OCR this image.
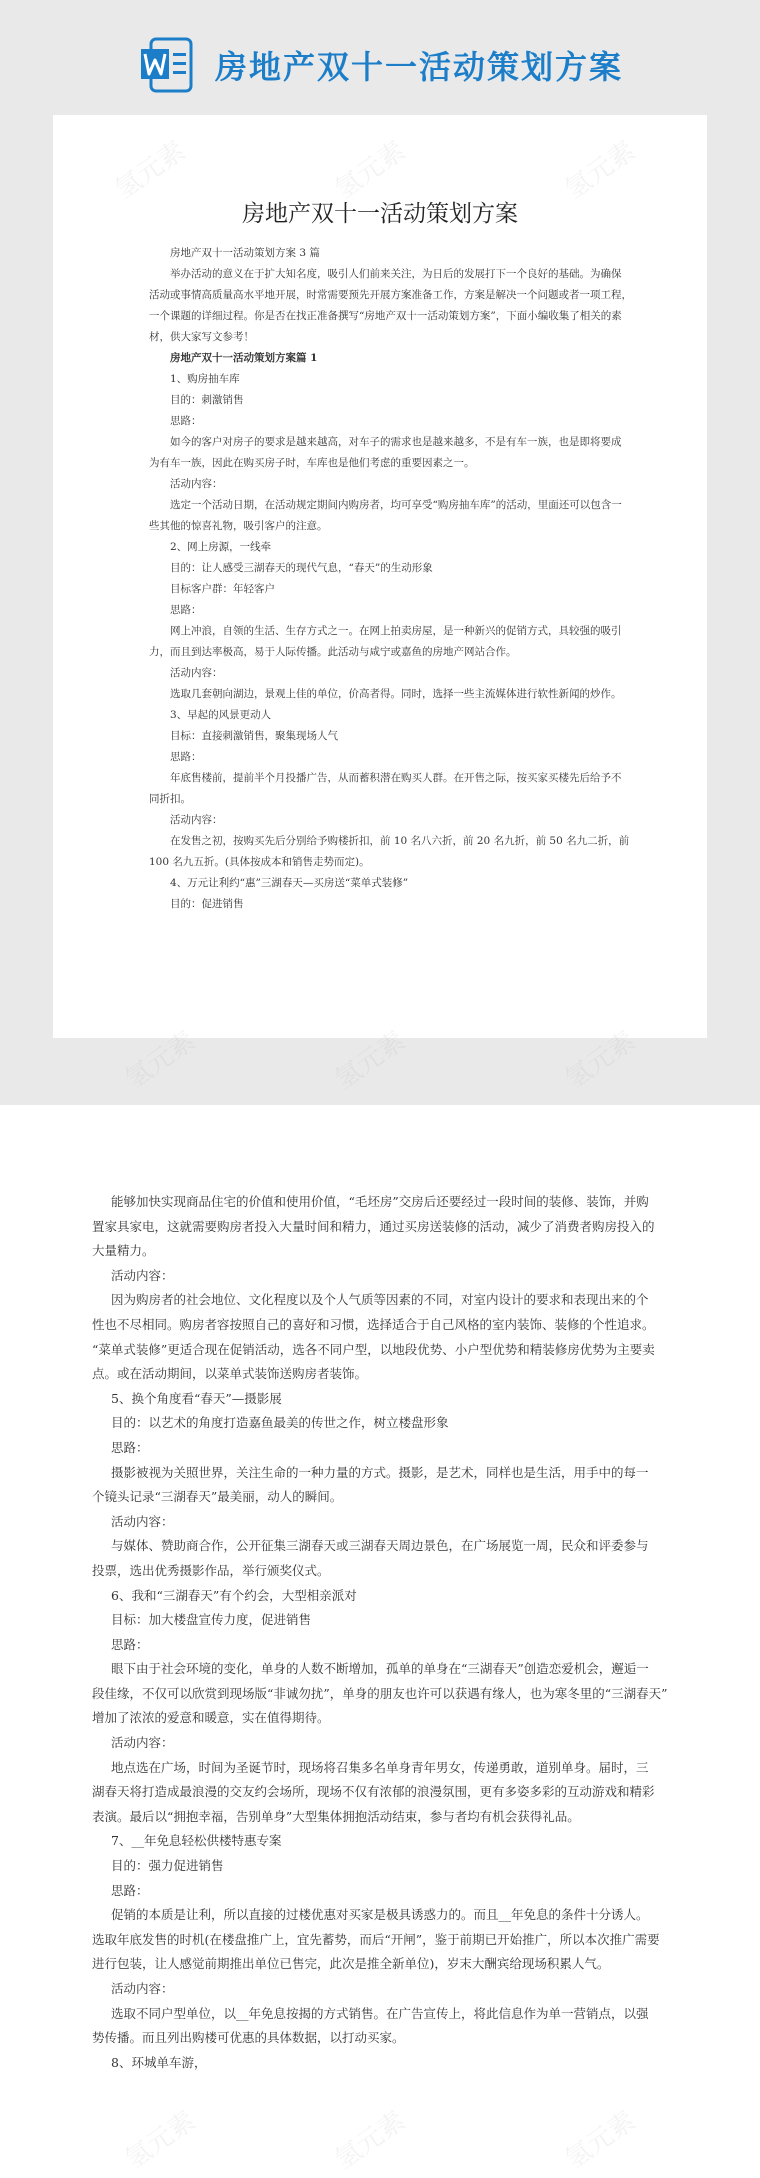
房地产双十一活动策划方案
房地产双十一活动策划方案

房地产双十一活动策划方案 3 篇

举办活动的意义在于扩大知名度，吸引人们前来关注，为日后的发展打下一个良好的基础。为确保

活动或事情高质量高水平地开展，时常需要预先开展方案准备工作，方案是解决一个问题或者一项工程，

一个课题的详细过程。你是否在找正准备撰写“房地产双十一活动策划方案”，下面小编收集了相关的素

材，供大家写文参考！

房地产双十一活动策划方案篇 1

1、购房抽车库

目的：刺激销售

思路：

如今的客户对房子的要求是越来越高，对车子的需求也是越来越多，不是有车一族，也是即将要成

为有车一族，因此在购买房子时，车库也是他们考虑的重要因素之一。

活动内容：

选定一个活动日期，在活动规定期间内购房者，均可享受“购房抽车库”的活动，里面还可以包含一

些其他的惊喜礼物，吸引客户的注意。

2、网上房源，一线牵

目的：让人感受三湖春天的现代气息，“春天”的生动形象

目标客户群：年轻客户

思路：

网上冲浪，自领的生活、生存方式之一。在网上拍卖房屋，是一种新兴的促销方式，具较强的吸引

力，而且到达率极高，易于人际传播。此活动与咸宁或嘉鱼的房地产网站合作。

活动内容：

选取几套朝向湖边，景观上佳的单位，价高者得。同时，选择一些主流媒体进行软性新闻的炒作。

3、早起的风景更动人

目标：直接刺激销售，聚集现场人气

思路：

年底售楼前，提前半个月投播广告，从而蓄积潜在购买人群。在开售之际，按买家买楼先后给予不

同折扣。

活动内容：

在发售之初，按购买先后分别给予购楼折扣，前 10 名八六折，前 20 名九折，前 50 名九二折，前

100 名九五折。(具体按成本和销售走势而定)。

4、万元让利约“惠”三湖春天—买房送“菜单式装修”

目的：促进销售

能够加快实现商品住宅的价值和使用价值，“毛坯房”交房后还要经过一段时间的装修、装饰，并购

置家具家电，这就需要购房者投入大量时间和精力，通过买房送装修的活动，减少了消费者购房投入的

大量精力。

活动内容：

因为购房者的社会地位、文化程度以及个人气质等因素的不同，对室内设计的要求和表现出来的个

性也不尽相同。购房者容按照自己的喜好和习惯，选择适合于自己风格的室内装饰、装修的个性追求。

“菜单式装修”更适合现在促销活动，选各不同户型，以地段优势、小户型优势和精装修房优势为主要卖

点。或在活动期间，以菜单式装饰送购房者装饰。

5、换个角度看“春天”—摄影展

目的：以艺术的角度打造嘉鱼最美的传世之作，树立楼盘形象

思路：

摄影被视为关照世界，关注生命的一种力量的方式。摄影，是艺术，同样也是生活，用手中的每一

个镜头记录“三湖春天”最美丽，动人的瞬间。

活动内容：

与媒体、赞助商合作，公开征集三湖春天或三湖春天周边景色，在广场展览一周，民众和评委参与

投票，选出优秀摄影作品，举行颁奖仪式。

6、我和“三湖春天”有个约会，大型相亲派对

目标：加大楼盘宣传力度，促进销售

思路：

眼下由于社会环境的变化，单身的人数不断增加，孤单的单身在“三湖春天”创造恋爱机会，邂逅一

段佳缘，不仅可以欣赏到现场版“非诚勿扰”，单身的朋友也许可以获遇有缘人，也为寒冬里的“三湖春天”

增加了浓浓的爱意和暖意，实在值得期待。

活动内容：

地点选在广场，时间为圣诞节时，现场将召集多名单身青年男女，传递勇敢，道别单身。届时，三

湖春天将打造成最浪漫的交友约会场所，现场不仅有浓郁的浪漫氛围，更有多姿多彩的互动游戏和精彩

表演。最后以“拥抱幸福，告别单身”大型集体拥抱活动结束，参与者均有机会获得礼品。

7、__年免息轻松供楼特惠专案

目的：强力促进销售

思路：

促销的本质是让利，所以直接的过楼优惠对买家是极具诱惑力的。而且__年免息的条件十分诱人。

选取年底发售的时机(在楼盘推广上，宜先蓄势，而后“开闸”，鉴于前期已开始推广，所以本次推广需要

进行包装，让人感觉前期推出单位已售完，此次是推全新单位)，岁末大酬宾给现场积累人气。

活动内容：

选取不同户型单位，以__年免息按揭的方式销售。在广告宣传上，将此信息作为单一营销点，以强

势传播。而且列出购楼可优惠的具体数据，以打动买家。

8、环城单车游，

氢元素	氢元素	氢元素
